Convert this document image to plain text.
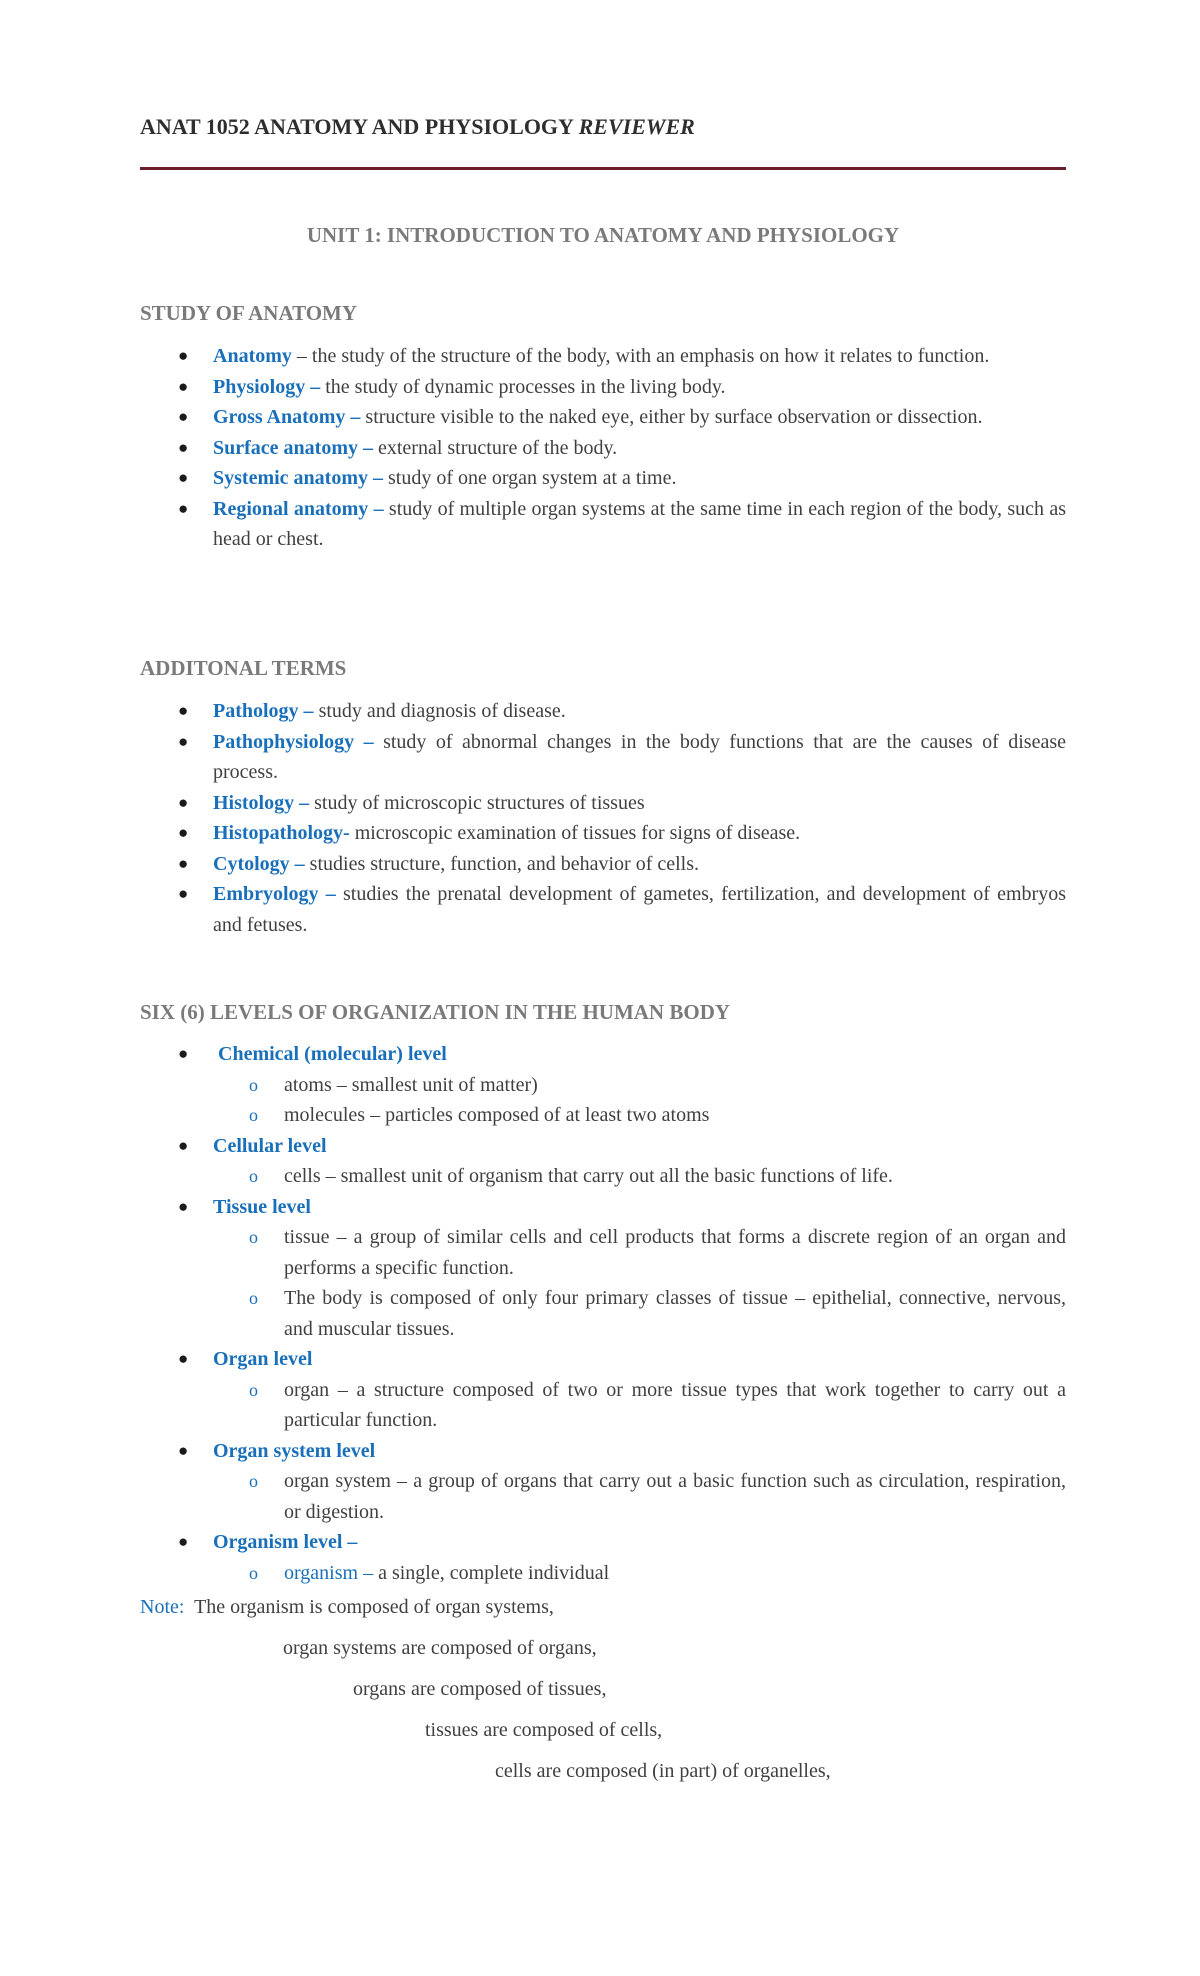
ANAT 1052 ANATOMY AND PHYSIOLOGY REVIEWER
UNIT 1: INTRODUCTION TO ANATOMY AND PHYSIOLOGY
STUDY OF ANATOMY
● Anatomy – the study of the structure of the body, with an emphasis on how it relates to function.
● Physiology – the study of dynamic processes in the living body.
● Gross Anatomy – structure visible to the naked eye, either by surface observation or dissection.
● Surface anatomy – external structure of the body.
● Systemic anatomy – study of one organ system at a time.
● Regional anatomy – study of multiple organ systems at the same time in each region of the body, such as head or chest.
ADDITONAL TERMS
● Pathology – study and diagnosis of disease.
● Pathophysiology – study of abnormal changes in the body functions that are the causes of disease process.
● Histology – study of microscopic structures of tissues
● Histopathology- microscopic examination of tissues for signs of disease.
● Cytology – studies structure, function, and behavior of cells.
● Embryology – studies the prenatal development of gametes, fertilization, and development of embryos and fetuses.
SIX (6) LEVELS OF ORGANIZATION IN THE HUMAN BODY
● Chemical (molecular) level
o atoms – smallest unit of matter)
o molecules – particles composed of at least two atoms
● Cellular level
o cells – smallest unit of organism that carry out all the basic functions of life.
● Tissue level
o tissue – a group of similar cells and cell products that forms a discrete region of an organ and performs a specific function.
o The body is composed of only four primary classes of tissue – epithelial, connective, nervous, and muscular tissues.
● Organ level
o organ – a structure composed of two or more tissue types that work together to carry out a particular function.
● Organ system level
o organ system – a group of organs that carry out a basic function such as circulation, respiration, or digestion.
● Organism level –
o organism – a single, complete individual
Note: The organism is composed of organ systems,
organ systems are composed of organs,
organs are composed of tissues,
tissues are composed of cells,
cells are composed (in part) of organelles,
